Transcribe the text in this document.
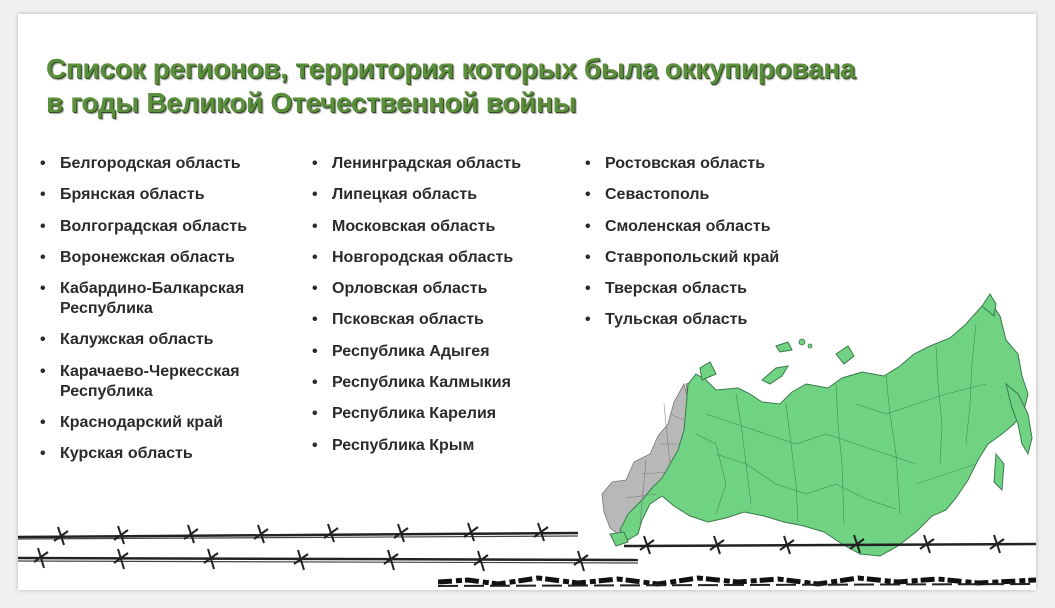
Список регионов, территория которых была оккупирована
в годы Великой Отечественной войны
• Белгородская область
• Брянская область
• Волгоградская область
• Воронежская область
• Кабардино-Балкарская Республика
• Калужская область
• Карачаево-Черкесская Республика
• Краснодарский край
• Курская область
• Ленинградская область
• Липецкая область
• Московская область
• Новгородская область
• Орловская область
• Псковская область
• Республика Адыгея
• Республика Калмыкия
• Республика Карелия
• Республика Крым
• Ростовская область
• Севастополь
• Смоленская область
• Ставропольский край
• Тверская область
• Тульская область
